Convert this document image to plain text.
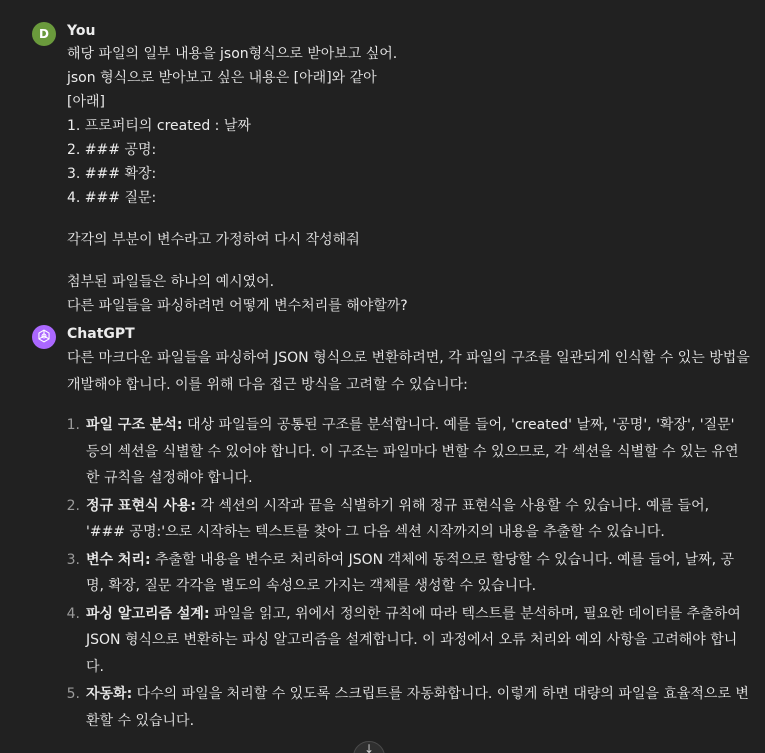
D You
해당 파일의 일부 내용을 json형식으로 받아보고 싶어.
json 형식으로 받아보고 싶은 내용은 [아래]와 같아
[아래]
1. 프로퍼티의 created : 날짜
2. ### 공명:
3. ### 확장:
4. ### 질문:
각각의 부분이 변수라고 가정하여 다시 작성해줘
첨부된 파일들은 하나의 예시였어.
다른 파일들을 파싱하려면 어떻게 변수처리를 해야할까?
ChatGPT

다른 마크다운 파일들을 파싱하여 JSON 형식으로 변환하려면, 각 파일의 구조를 일관되게 인식할 수 있는 방법을 개발해야 합니다. 이를 위해 다음 접근 방식을 고려할 수 있습니다:

1. 파일 구조 분석: 대상 파일들의 공통된 구조를 분석합니다. 예를 들어, 'created' 날짜, '공명', '확장', '질문' 등의 섹션을 식별할 수 있어야 합니다. 이 구조는 파일마다 변할 수 있으므로, 각 섹션을 식별할 수 있는 유연한 규칙을 설정해야 합니다.
2. 정규 표현식 사용: 각 섹션의 시작과 끝을 식별하기 위해 정규 표현식을 사용할 수 있습니다. 예를 들어, '### 공명:'으로 시작하는 텍스트를 찾아 그 다음 섹션 시작까지의 내용을 추출할 수 있습니다.
3. 변수 처리: 추출할 내용을 변수로 처리하여 JSON 객체에 동적으로 할당할 수 있습니다. 예를 들어, 날짜, 공명, 확장, 질문 각각을 별도의 속성으로 가지는 객체를 생성할 수 있습니다.
4. 파싱 알고리즘 설계: 파일을 읽고, 위에서 정의한 규칙에 따라 텍스트를 분석하며, 필요한 데이터를 추출하여 JSON 형식으로 변환하는 파싱 알고리즘을 설계합니다. 이 과정에서 오류 처리와 예외 사항을 고려해야 합니다.
5. 자동화: 다수의 파일을 처리할 수 있도록 스크립트를 자동화합니다. 이렇게 하면 대량의 파일을 효율적으로 변환할 수 있습니다.
↓
